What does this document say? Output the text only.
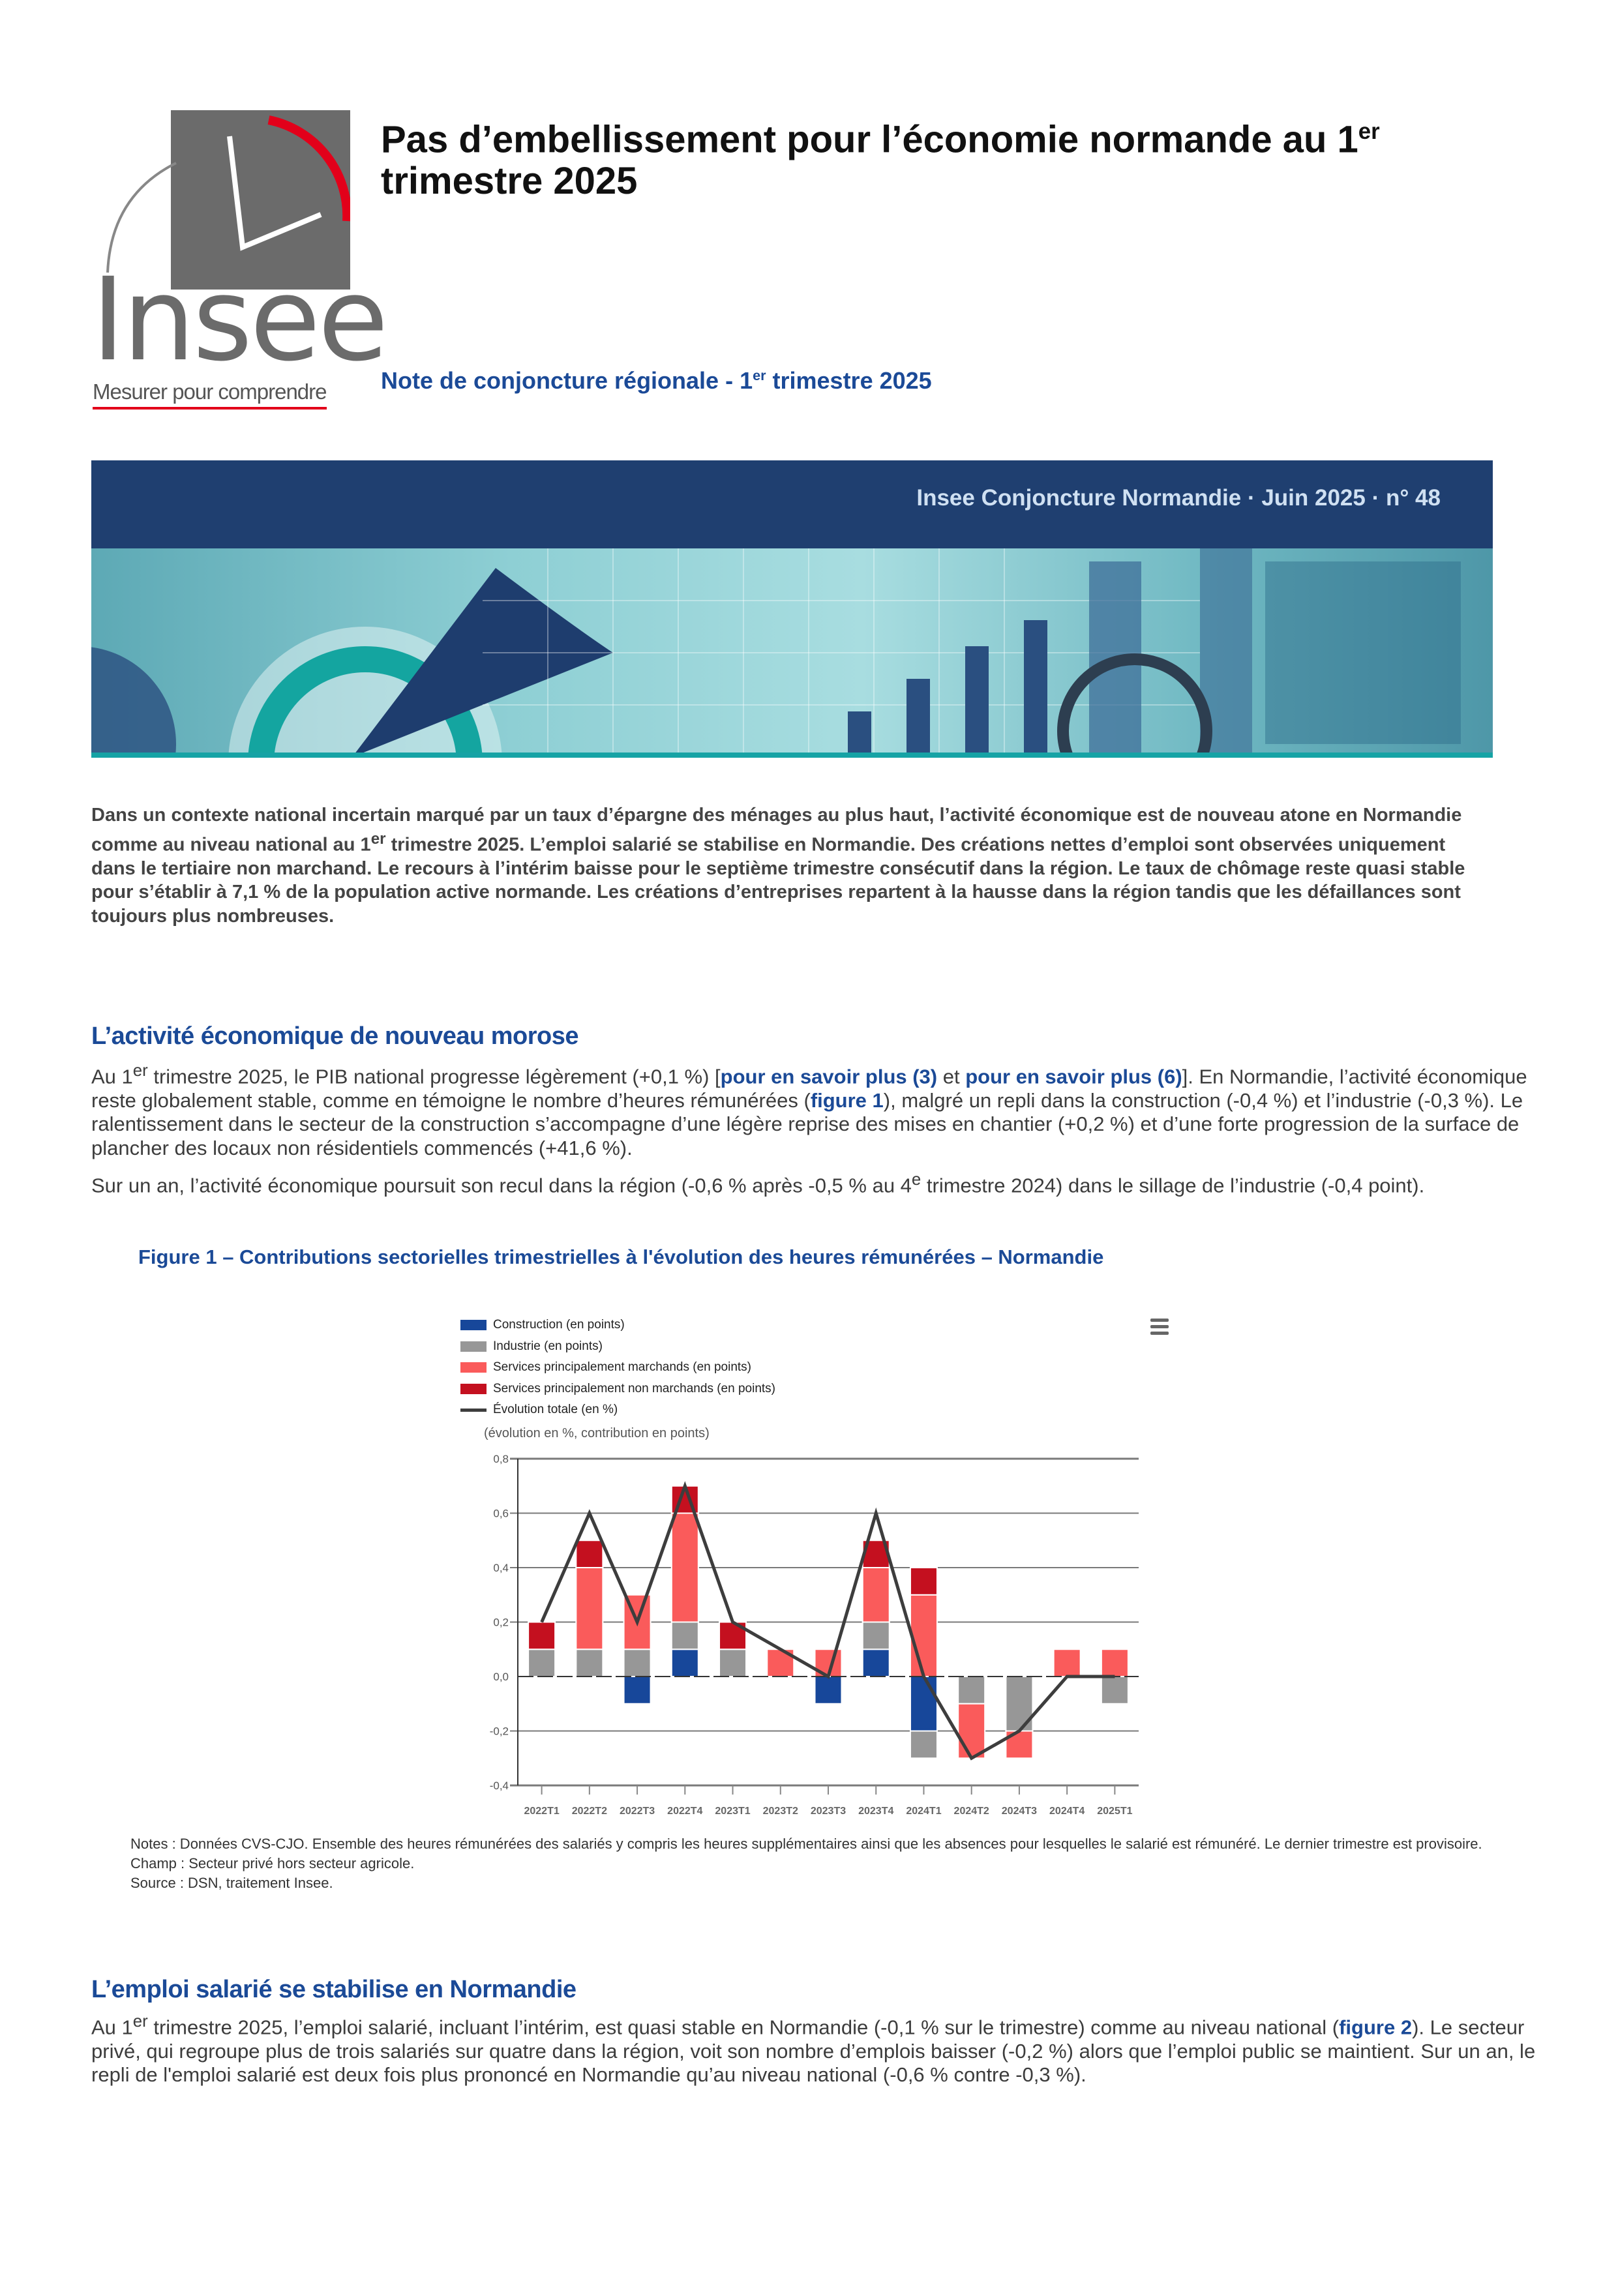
Insee
Mesurer pour comprendre
Pas d’embellissement pour l’économie normande au 1er
trimestre 2025
Note de conjoncture régionale - 1er trimestre 2025
Insee Conjoncture Normandie · Juin 2025 · n° 48
Dans un contexte national incertain marqué par un taux d’épargne des ménages au plus haut, l’activité économique est de nouveau atone en Normandie comme au niveau national au 1er trimestre 2025. L’emploi salarié se stabilise en Normandie. Des créations nettes d’emploi sont observées uniquement dans le tertiaire non marchand. Le recours à l’intérim baisse pour le septième trimestre consécutif dans la région. Le taux de chômage reste quasi stable pour s’établir à 7,1 % de la population active normande. Les créations d’entreprises repartent à la hausse dans la région tandis que les défaillances sont toujours plus nombreuses.
L’activité économique de nouveau morose

Au 1er trimestre 2025, le PIB national progresse légèrement (+0,1 %) [pour en savoir plus (3) et pour en savoir plus (6)]. En Normandie, l’activité économique reste globalement stable, comme en témoigne le nombre d’heures rémunérées (figure 1), malgré un repli dans la construction (-0,4 %) et l’industrie (-0,3 %). Le ralentissement dans le secteur de la construction s’accompagne d’une légère reprise des mises en chantier (+0,2 %) et d’une forte progression de la surface de plancher des locaux non résidentiels commencés (+41,6 %).

Sur un an, l’activité économique poursuit son recul dans la région (-0,6 % après -0,5 % au 4e trimestre 2024) dans le sillage de l’industrie (-0,4 point).

Figure 1 – Contributions sectorielles trimestrielles à l'évolution des heures rémunérées – Normandie
Construction (en points)
Industrie (en points)
Services principalement marchands (en points)
Services principalement non marchands (en points)
Évolution totale (en %)
(évolution en %, contribution en points)
0,8
0,6
0,4
0,2
0,0
-0,2
-0,4
2022T1 2022T2 2022T3 2022T4 2023T1 2023T2 2023T3 2023T4 2024T1 2024T2 2024T3 2024T4 2025T1

Notes : Données CVS-CJO. Ensemble des heures rémunérées des salariés y compris les heures supplémentaires ainsi que les absences pour lesquelles le salarié est rémunéré. Le dernier trimestre est provisoire.

Champ : Secteur privé hors secteur agricole.

Source : DSN, traitement Insee.

L’emploi salarié se stabilise en Normandie

Au 1er trimestre 2025, l’emploi salarié, incluant l’intérim, est quasi stable en Normandie (-0,1 % sur le trimestre) comme au niveau national (figure 2). Le secteur privé, qui regroupe plus de trois salariés sur quatre dans la région, voit son nombre d’emplois baisser (-0,2 %) alors que l’emploi public se maintient. Sur un an, le repli de l'emploi salarié est deux fois plus prononcé en Normandie qu’au niveau national (-0,6 % contre -0,3 %).
